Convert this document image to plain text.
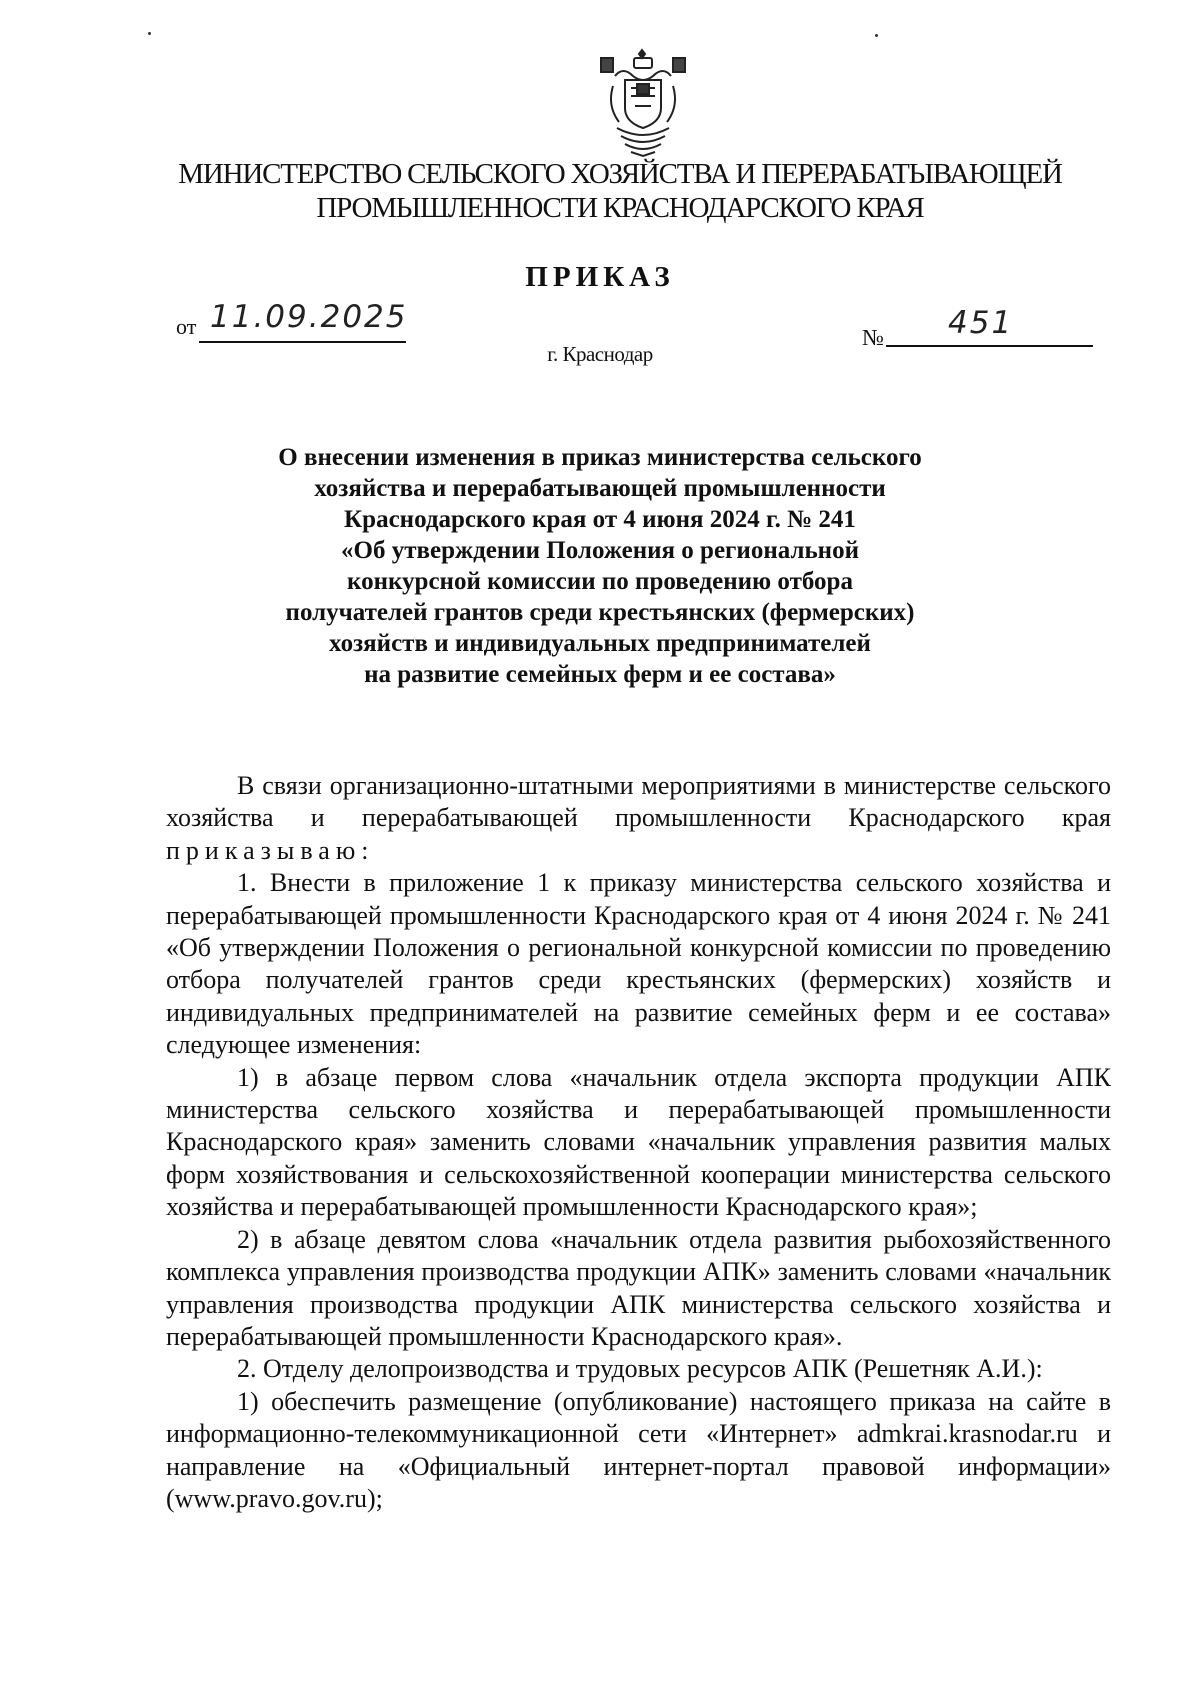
МИНИСТЕРСТВО СЕЛЬСКОГО ХОЗЯЙСТВА И ПЕРЕРАБАТЫВАЮЩЕЙ
ПРОМЫШЛЕННОСТИ КРАСНОДАРСКОГО КРАЯ
ПРИКАЗ
от 11.09.2025
№ 451
г. Краснодар
О внесении изменения в приказ министерства сельского
хозяйства и перерабатывающей промышленности
Краснодарского края от 4 июня 2024 г. № 241
«Об утверждении Положения о региональной
конкурсной комиссии по проведению отбора
получателей грантов среди крестьянских (фермерских)
хозяйств и индивидуальных предпринимателей
на развитие семейных ферм и ее состава»

В связи организационно-штатными мероприятиями в министерстве сельского хозяйства и перерабатывающей промышленности Краснодарского края приказываю:

1. Внести в приложение 1 к приказу министерства сельского хозяйства и перерабатывающей промышленности Краснодарского края от 4 июня 2024 г. № 241 «Об утверждении Положения о региональной конкурсной комиссии по проведению отбора получателей грантов среди крестьянских (фермерских) хозяйств и индивидуальных предпринимателей на развитие семейных ферм и ее состава» следующее изменения:

1) в абзаце первом слова «начальник отдела экспорта продукции АПК министерства сельского хозяйства и перерабатывающей промышленности Краснодарского края» заменить словами «начальник управления развития малых форм хозяйствования и сельскохозяйственной кооперации министерства сельского хозяйства и перерабатывающей промышленности Краснодарского края»;

2) в абзаце девятом слова «начальник отдела развития рыбохозяйственного комплекса управления производства продукции АПК» заменить словами «начальник управления производства продукции АПК министерства сельского хозяйства и перерабатывающей промышленности Краснодарского края».

2. Отделу делопроизводства и трудовых ресурсов АПК (Решетняк А.И.):

1) обеспечить размещение (опубликование) настоящего приказа на сайте в информационно-телекоммуникационной сети «Интернет» admkrai.krasnodar.ru и направление на «Официальный интернет-портал правовой информации» (www.pravo.gov.ru);
